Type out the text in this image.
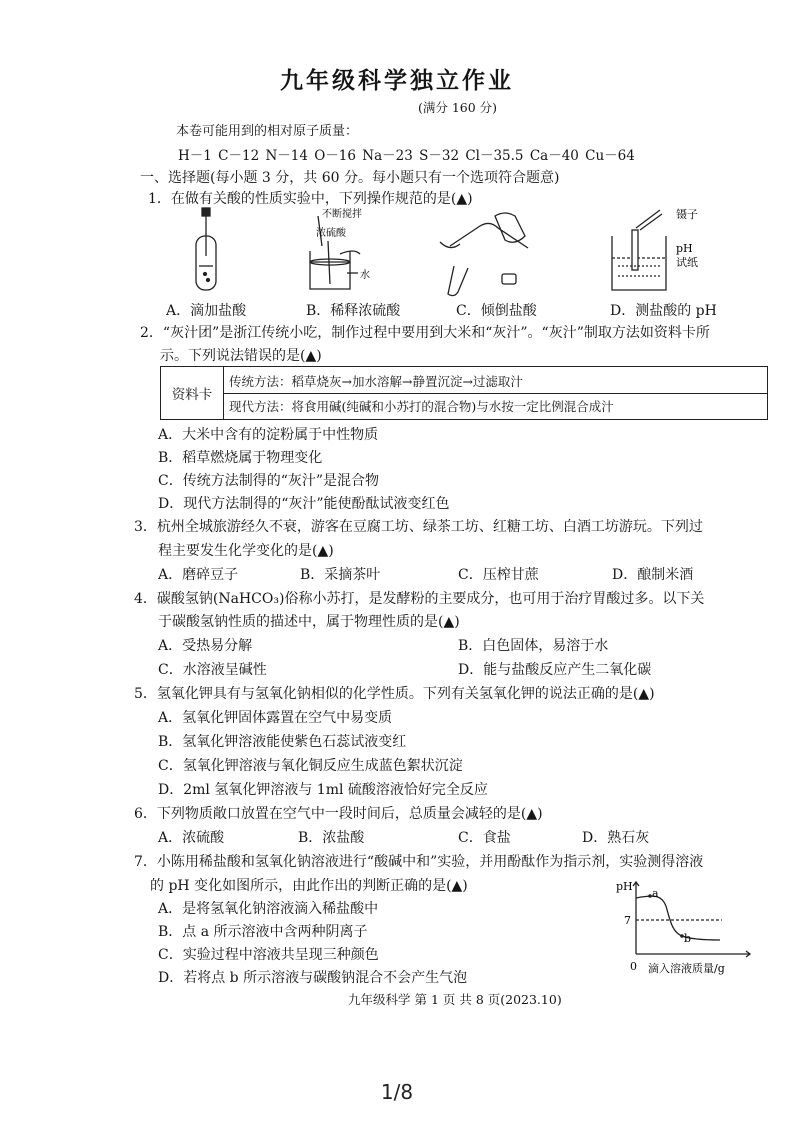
九年级科学独立作业
(满分 160 分)
本卷可能用到的相对原子质量：
H－1 C－12 N－14 O－16 Na－23 S－32 Cl－35.5 Ca－40 Cu－64
一、选择题(每小题 3 分，共 60 分。每小题只有一个选项符合题意)
1．在做有关酸的性质实验中，下列操作规范的是(▲)
不断搅拌
浓硫酸
水
镊子
pH
试纸
A．滴加盐酸	B．稀释浓硫酸	C．倾倒盐酸	D．测盐酸的 pH
2．“灰汁团”是浙江传统小吃，制作过程中要用到大米和“灰汁”。“灰汁”制取方法如资料卡所
示。下列说法错误的是(▲)
资料卡
传统方法：稻草烧灰→加水溶解→静置沉淀→过滤取汁
现代方法：将食用碱(纯碱和小苏打的混合物)与水按一定比例混合成汁
A．大米中含有的淀粉属于中性物质
B．稻草燃烧属于物理变化
C．传统方法制得的“灰汁”是混合物
D．现代方法制得的“灰汁”能使酚酞试液变红色
3．杭州全城旅游经久不衰，游客在豆腐工坊、绿茶工坊、红糖工坊、白酒工坊游玩。下列过
程主要发生化学变化的是(▲)
A．磨碎豆子	B．采摘茶叶	C．压榨甘蔗	D．酿制米酒
4．碳酸氢钠(NaHCO₃)俗称小苏打，是发酵粉的主要成分，也可用于治疗胃酸过多。以下关
于碳酸氢钠性质的描述中，属于物理性质的是(▲)
A．受热易分解	B．白色固体，易溶于水
C．水溶液呈碱性	D．能与盐酸反应产生二氧化碳
5．氢氧化钾具有与氢氧化钠相似的化学性质。下列有关氢氧化钾的说法正确的是(▲)
A．氢氧化钾固体露置在空气中易变质
B．氢氧化钾溶液能使紫色石蕊试液变红
C．氢氧化钾溶液与氧化铜反应生成蓝色絮状沉淀
D．2ml 氢氧化钾溶液与 1ml 硫酸溶液恰好完全反应
6．下列物质敞口放置在空气中一段时间后，总质量会减轻的是(▲)
A．浓硫酸	B．浓盐酸	C．食盐	D．熟石灰
7．小陈用稀盐酸和氢氧化钠溶液进行“酸碱中和”实验，并用酚酞作为指示剂，实验测得溶液
的 pH 变化如图所示，由此作出的判断正确的是(▲)
A．是将氢氧化钠溶液滴入稀盐酸中
B．点 a 所示溶液中含两种阴离子
C．实验过程中溶液共呈现三种颜色
D．若将点 b 所示溶液与碳酸钠混合不会产生气泡
pH
7
0 滴入溶液质量/g
a
b
九年级科学 第 1 页 共 8 页(2023.10)
1/8
